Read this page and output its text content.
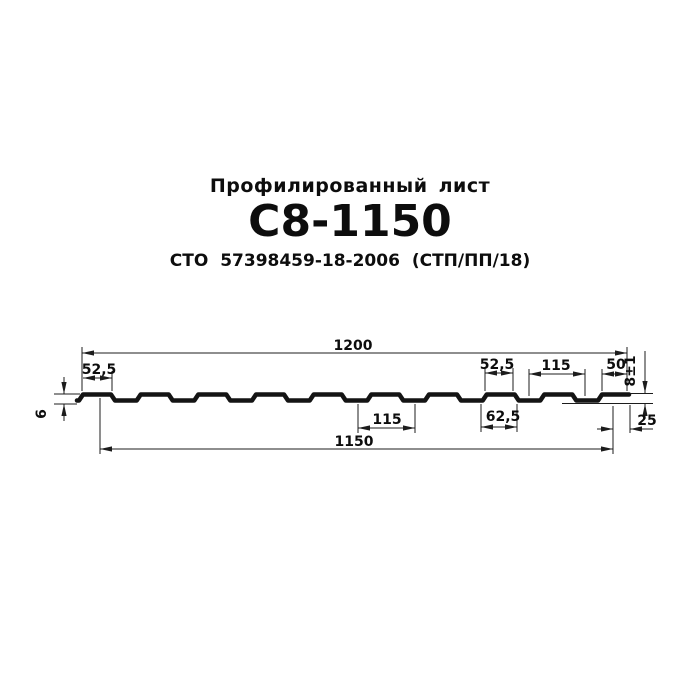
Профилированный лист
С8-1150
СТО 57398459-18-2006 (СТП/ПП/18)
1200
1150
52,5	52,5 115	50
8±1
6	62,5
115	25
